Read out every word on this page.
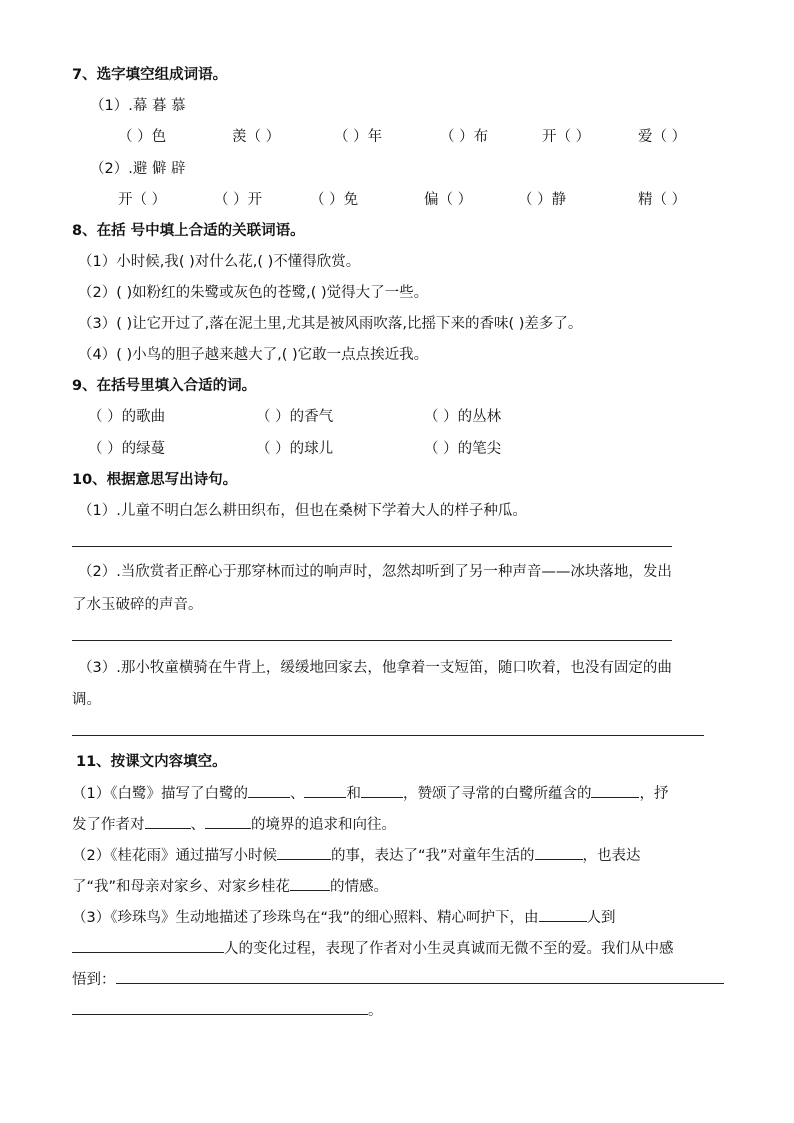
7、选字填空组成词语。
（1）.幕 暮 慕
（ ）色	羡（ ）	（ ）年	（ ）布	开（ ）	爱（ ）
（2）.避 僻 辟
开（ ）	（ ）开	（ ）免	偏（ ）	（ ）静	精（ ）
8、在括 号中填上合适的关联词语。
（1）小时候,我( )对什么花,( )不懂得欣赏。
（2）( )如粉红的朱鹭或灰色的苍鹭,( )觉得大了一些。
（3）( )让它开过了,落在泥土里,尤其是被风雨吹落,比摇下来的香味( )差多了。
（4）( )小鸟的胆子越来越大了,( )它敢一点点挨近我。
9、在括号里填入合适的词。
（ ）的歌曲	（ ）的香气	（ ）的丛林
（ ）的绿蔓	（ ）的球儿	（ ）的笔尖
10、根据意思写出诗句。
（1）.儿童不明白怎么耕田织布，但也在桑树下学着大人的样子种瓜。
（2）.当欣赏者正醉心于那穿林而过的响声时，忽然却听到了另一种声音——冰块落地，发出
了水玉破碎的声音。
（3）.那小牧童横骑在牛背上，缓缓地回家去，他拿着一支短笛，随口吹着，也没有固定的曲
调。
11、按课文内容填空。
（1）《白鹭》描写了白鹭的	、	和	，赞颂了寻常的白鹭所蕴含的	，抒
发了作者对	、	的境界的追求和向往。
（2）《桂花雨》通过描写小时候	的事，表达了“我”对童年生活的	，也表达
了“我”和母亲对家乡、对家乡桂花	的情感。
（3）《珍珠鸟》生动地描述了珍珠鸟在“我”的细心照料、精心呵护下，由	人到
人的变化过程，表现了作者对小生灵真诚而无微不至的爱。我们从中感
悟到：
。
